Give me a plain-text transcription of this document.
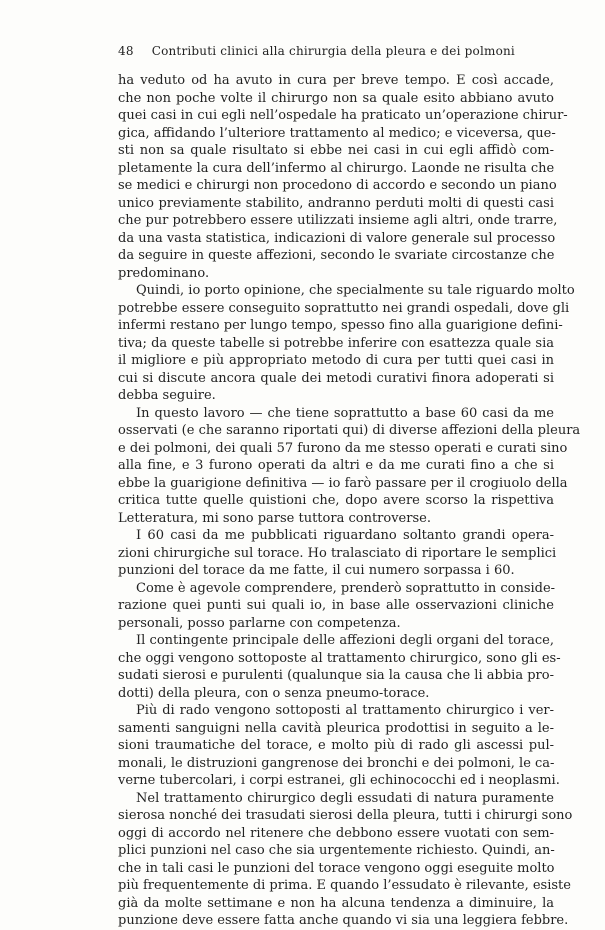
48 Contributi clinici alla chirurgia della pleura e dei polmoni
ha veduto od ha avuto in cura per breve tempo. E così accade,
che non poche volte il chirurgo non sa quale esito abbiano avuto
quei casi in cui egli nell’ospedale ha praticato un’operazione chirur-
gica, affidando l’ulteriore trattamento al medico; e viceversa, que-
sti non sa quale risultato si ebbe nei casi in cui egli affidò com-
pletamente la cura dell’infermo al chirurgo. Laonde ne risulta che
se medici e chirurgi non procedono di accordo e secondo un piano
unico previamente stabilito, andranno perduti molti di questi casi
che pur potrebbero essere utilizzati insieme agli altri, onde trarre,
da una vasta statistica, indicazioni di valore generale sul processo
da seguire in queste affezioni, secondo le svariate circostanze che
predominano.
Quindi, io porto opinione, che specialmente su tale riguardo molto
potrebbe essere conseguito soprattutto nei grandi ospedali, dove gli
infermi restano per lungo tempo, spesso fino alla guarigione defini-
tiva; da queste tabelle si potrebbe inferire con esattezza quale sia
il migliore e più appropriato metodo di cura per tutti quei casi in
cui si discute ancora quale dei metodi curativi finora adoperati si
debba seguire.
In questo lavoro — che tiene soprattutto a base 60 casi da me
osservati (e che saranno riportati qui) di diverse affezioni della pleura
e dei polmoni, dei quali 57 furono da me stesso operati e curati sino
alla fine, e 3 furono operati da altri e da me curati fino a che si
ebbe la guarigione definitiva — io farò passare per il crogiuolo della
critica tutte quelle quistioni che, dopo avere scorso la rispettiva
Letteratura, mi sono parse tuttora controverse.
I 60 casi da me pubblicati riguardano soltanto grandi opera-
zioni chirurgiche sul torace. Ho tralasciato di riportare le semplici
punzioni del torace da me fatte, il cui numero sorpassa i 60.
Come è agevole comprendere, prenderò soprattutto in conside-
razione quei punti sui quali io, in base alle osservazioni cliniche
personali, posso parlarne con competenza.
Il contingente principale delle affezioni degli organi del torace,
che oggi vengono sottoposte al trattamento chirurgico, sono gli es-
sudati sierosi e purulenti (qualunque sia la causa che li abbia pro-
dotti) della pleura, con o senza pneumo-torace.
Più di rado vengono sottoposti al trattamento chirurgico i ver-
samenti sanguigni nella cavità pleurica prodottisi in seguito a le-
sioni traumatiche del torace, e molto più di rado gli ascessi pul-
monali, le distruzioni gangrenose dei bronchi e dei polmoni, le ca-
verne tubercolari, i corpi estranei, gli echinococchi ed i neoplasmi.
Nel trattamento chirurgico degli essudati di natura puramente
sierosa nonché dei trasudati sierosi della pleura, tutti i chirurgi sono
oggi di accordo nel ritenere che debbono essere vuotati con sem-
plici punzioni nel caso che sia urgentemente richiesto. Quindi, an-
che in tali casi le punzioni del torace vengono oggi eseguite molto
più frequentemente di prima. E quando l’essudato è rilevante, esiste
già da molte settimane e non ha alcuna tendenza a diminuire, la
punzione deve essere fatta anche quando vi sia una leggiera febbre.
